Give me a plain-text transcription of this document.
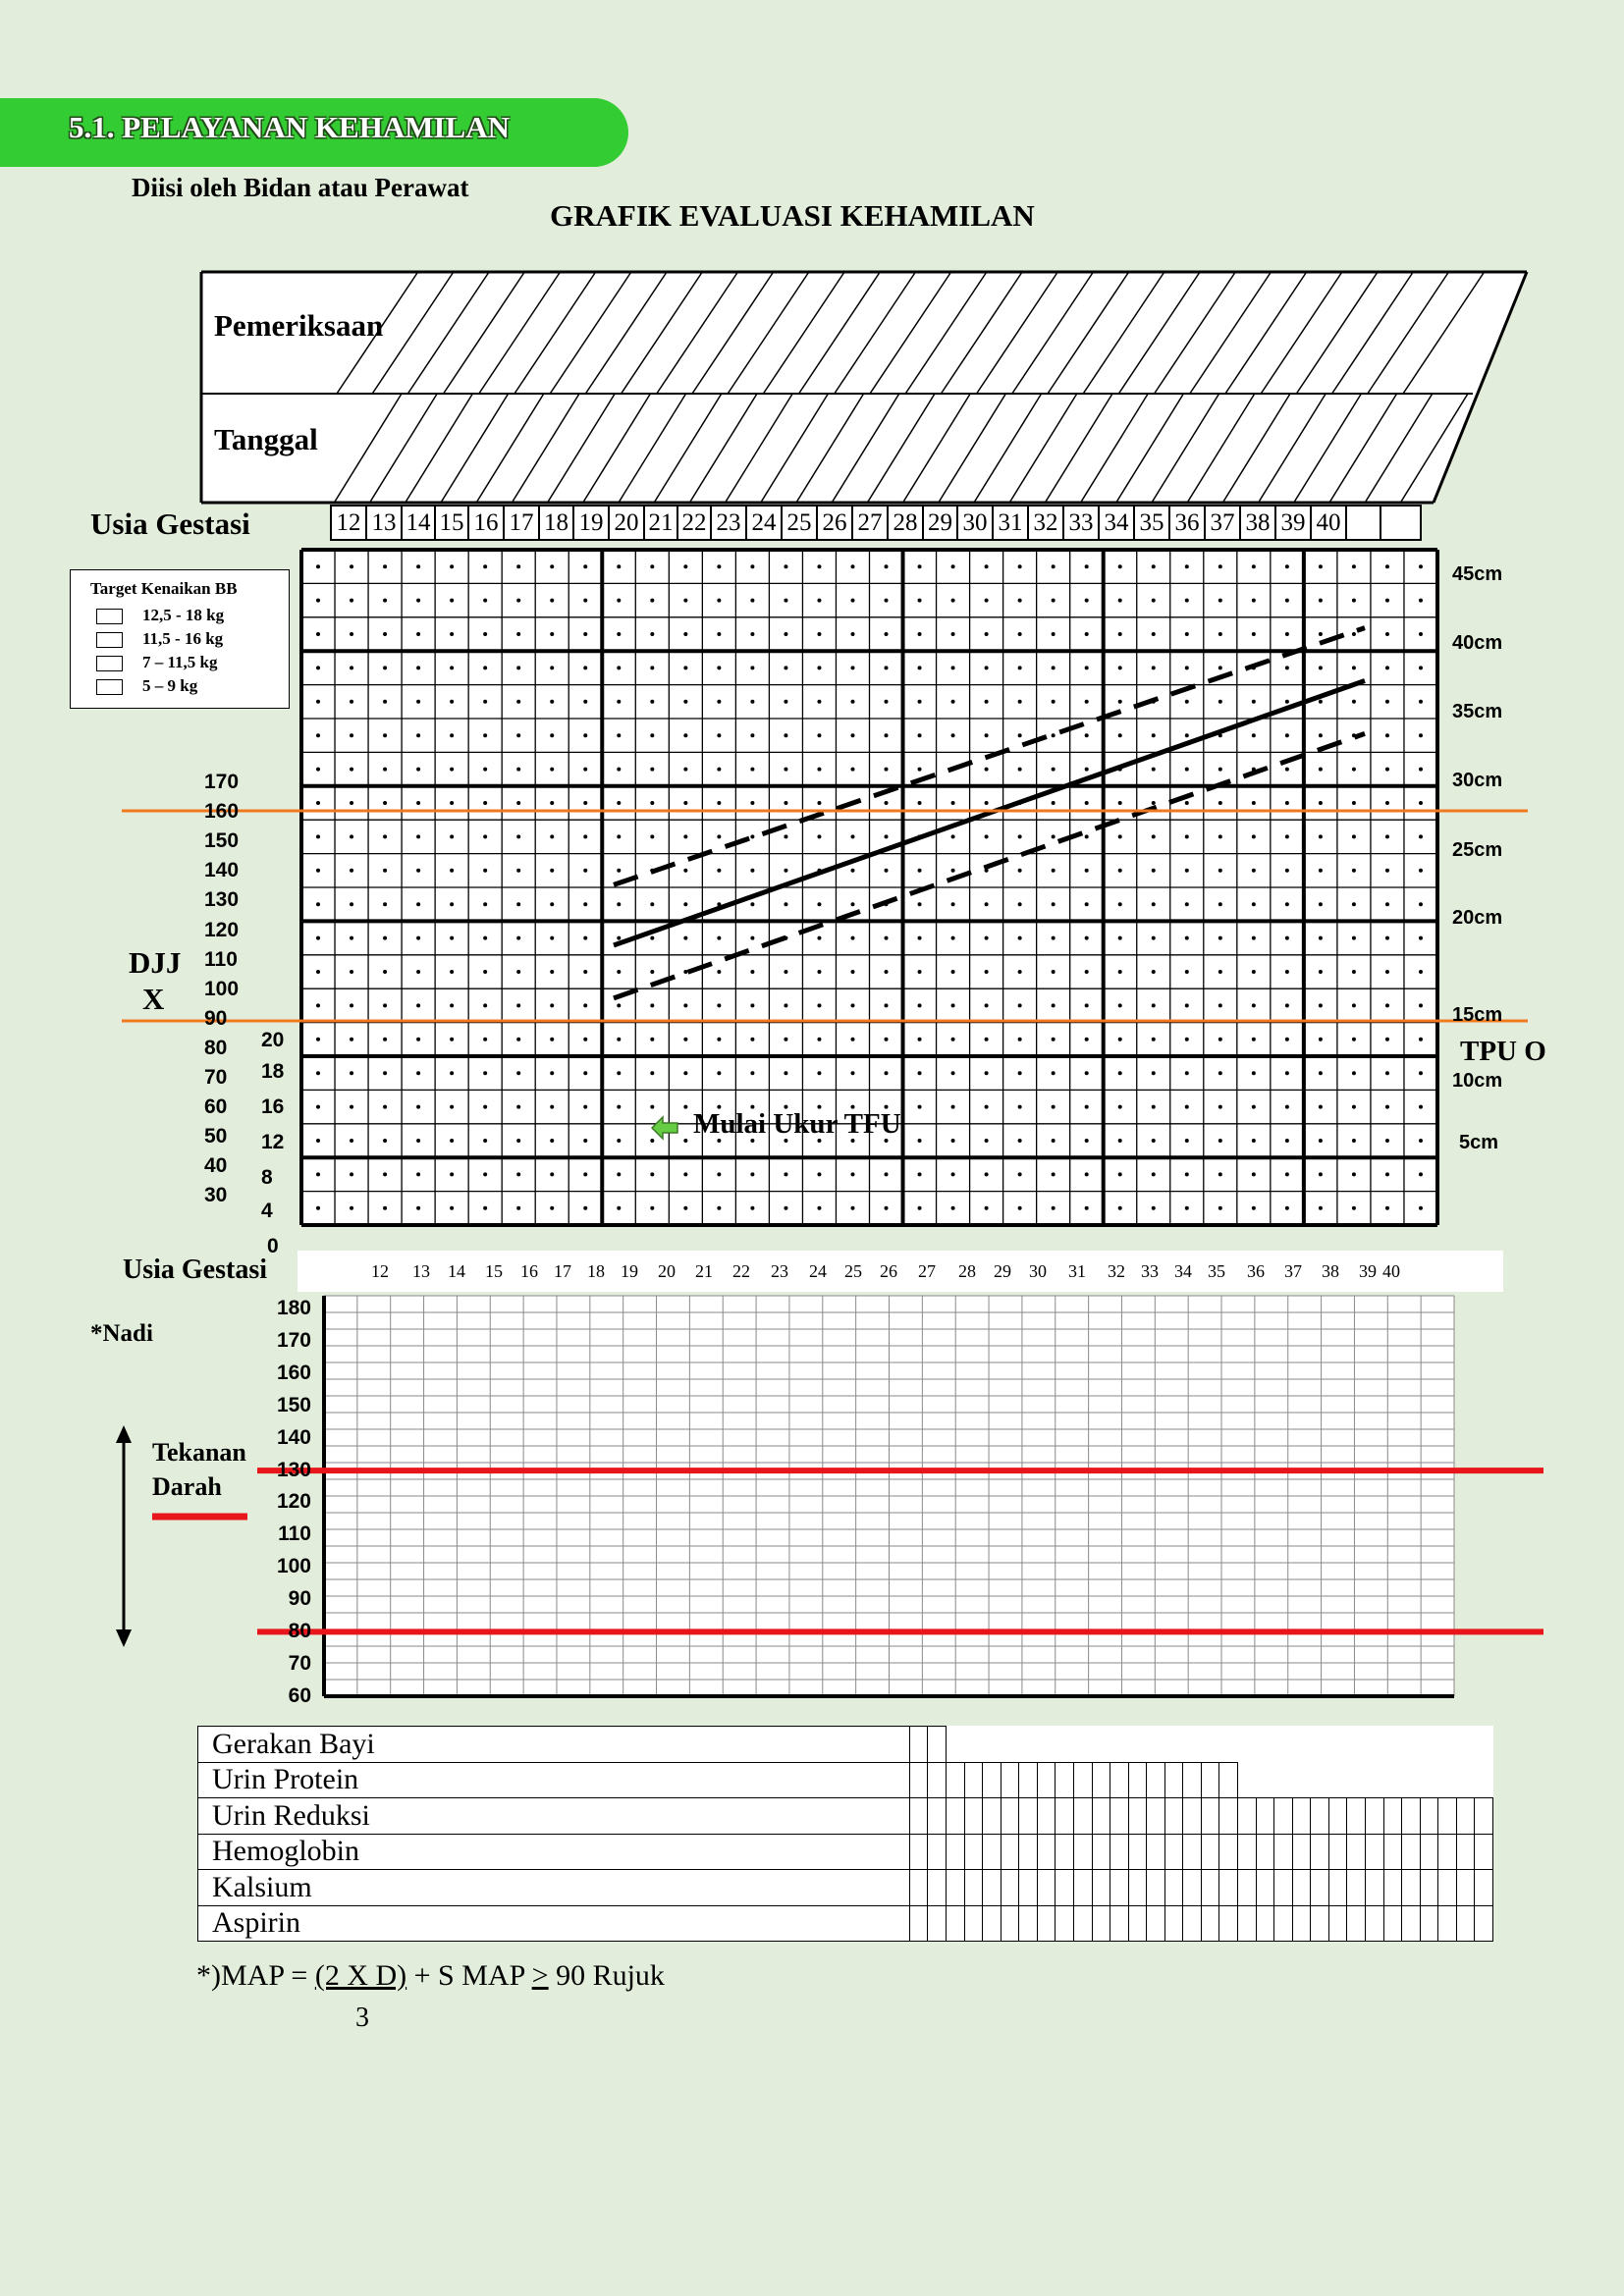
5.1. PELAYANAN KEHAMILAN
Diisi oleh Bidan atau Perawat
GRAFIK EVALUASI KEHAMILAN
Pemeriksaan
Tanggal
Usia Gestasi	12 13 14 15 16 17 18 19 20 21 22 23 24 25 26 27 28 29 30 31 32 33 34 35 36 37 38 39 40
Target Kenaikan BB
12,5 - 18 kg
11,5 - 16 kg
7 – 11,5 kg
5 – 9 kg
DJJ
X
170
160
150
140
130
120
110
100
90
80
70
60
50
40
30
20
18
16
12
8
4
0
45cm
40cm
35cm
30cm
25cm
20cm
15cm
10cm
5cm
TPU O
Mulai Ukur TFU
Usia Gestasi	12 13 14 15 16 17 18 19 20 21 22 23 24 25 26 27 28 29 30 31 32 33 34 35 36 37 38 39 40
*Nadi
Tekanan
Darah
180
170
160
150
140
130
120
110
100
90
80
70
60
Gerakan Bayi																																
Urin Protein																																
Urin Reduksi																																
Hemoglobin																																
Kalsium																																
Aspirin																																
*)MAP = (2 X D) + S MAP > 90 Rujuk
3
